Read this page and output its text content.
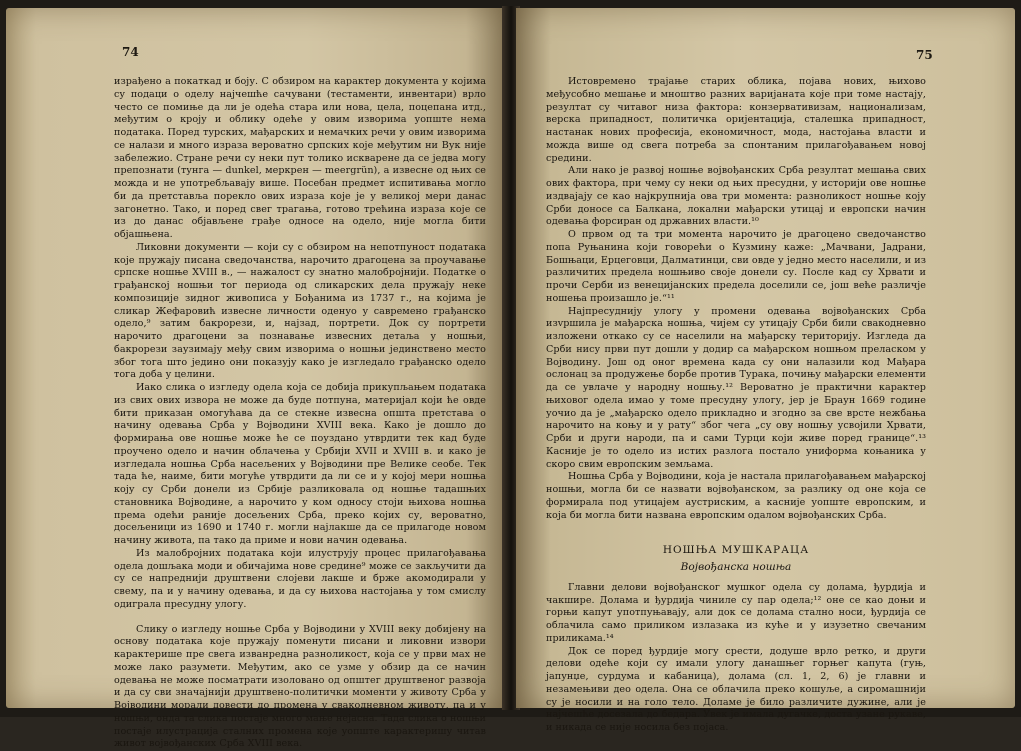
74

израђено а покаткад и боју. С обзиром на карактер документа у којима су подаци о оделу најчешће сачувани (тестаменти, инвентари) врло често се помиње да ли је одећа стара или нова, цела, поцепана итд., међутим о крoју и облику одеће у овим изворима уопште нема података. Поред турских, мађарских и немачких речи у овим изворима се налази и много израза вероватно српских које међутим ни Вук није забележио. Стране речи су неки пут толико искварене да се једва могу препознати (тунга — dunkel, меркрен — meergrün), а извесне од њих се можда и не употребљавају више. Посебан предмет испитивања могло би да претставља порекло ових израза које је у великој мери данас загонетно. Тако, и поред свег трагања, готово трећина израза које се из до данас објављене грађе односе на одело, није могла бити објашњена.

Ликовни документи — који су с обзиром на непотпуност података које пружају писана сведочанства, нарочито драгоцена за проучавање српске ношње XVIII в., — нажалост су знатно малобројнији. Податке о грађанској ношњи тог периода од сликарских дела пружају неке композиције зидног живописа у Бођанима из 1737 г., на којима је сликар Жефаровић извесне личности оденуо у савремено грађанско одело,⁹ затим бакрорези, и, најзад, портрети. Док су портрети нарочито драгоцени за познавање извесних детаља у ношњи, бакрорези заузимају међу свим изворима о ношњи јединствено место због тога што једино они показују како је изгледало грађанско одело тога доба у целини.

Иако слика о изгледу одела која се добија прикупљањем података из свих ових извора не може да буде потпуна, материјал који ће овде бити приказан омогућава да се стекне извесна општа претстава о начину одевања Срба у Војводини XVIII века. Како је дошло до формирања ове ношње може ће се поуздано утврдити тек кад буде проучено одело и начин облачења у Србији XVII и XVIII в. и како је изгледала ношња Срба насељених у Војводини пре Велике сеобе. Тек тада ће, наиме, бити могуће утврдити да ли се и у којој мери ношња коју су Срби донели из Србије разликовала од ношње тадашњих становника Војводине, а нарочито у ком односу стоји њихова ношња према одећи раније досељених Срба, преко којих су, вероватно, досељеници из 1690 и 1740 г. могли најлакше да се прилагоде новом начину живота, па тако да приме и нови начин одевања.

Из малобројних података који илуструју процес прилагођавања одела дошљака моди и обичајима нове средине⁹ може се закључити да су се напреднији друштвени слојеви лакше и брже акомодирали у свему, па и у начину одевања, и да су њихова настојања у том смислу одиграла пресудну улогу.

Слику о изгледу ношње Срба у Војводини у XVIII веку добијену на основу података које пружају поменути писани и ликовни извори карактерише пре свега изванредна разноликост, која се у први мах не може лако разумети. Међутим, ако се узме у обзир да се начин одевања не може посматрати изоловано од општег друштвеног развоја и да су сви значајнији друштвено-политички моменти у животу Срба у Војводини морали довести до промена у свакодневном животу, па и у ношњи, онда та слика постаје много мање нејасна. Тада слика о ношњи постаје илустрација сталних промена које уопште карактеришу читав живот војвођанских Срба XVIII века.

75

Истовремено трајање старих облика, појава нових, њихово међусобно мешање и мноштво разних варијаната које при томе настају, резултат су читавог низа фактора: конзервативизам, национализам, верска припадност, политичка оријентација, сталешка припадност, настанак нових професија, економичност, мода, настојања власти и можда више од свега потреба за спонтаним прилагођавањем новој средини.

Али нако је развој ношње војвођанских Срба резултат мешања свих ових фактора, при чему су неки од њих пресудни, у историји ове ношње издвајају се као најкрупнија ова три момента: разноликост ношње коју Срби доносе са Балкана, локални мађарски утицај и европски начин одевања форсиран од државних власти.¹⁰

О првом од та три момента нарочито је драгоцено сведочанство попа Руњанина који говорећи о Кузмину каже: „Мачвани, Јадрани, Бошњаци, Ерцеговци, Далматинци, сви овде у једно место населили, и из различитих предела ношњиво своје донели су. После кад су Хрвати и прочи Серби из венецијанских предела доселили се, још веће различје ношења произашло је.“¹¹

Најпресуднију улогу у промени одевања војвођанских Срба изvршила је мађарска ношња, чијем су утицају Срби били свакодневно изложени откако су се населили на мађарску територију. Изгледа да Срби нису први пут дошли у додир са мађарском ношњом преласком у Војводину. Још од оног времена када су они налазили код Мађара ослонац за продужење борбе против Турака, почињу мађарски елементи да се увлаче у народну ношњу.¹² Вероватно је практични карактер њиховог одела имао у томе пресудну улогу, јер је Браун 1669 године уочио да је „мађарско одело прикладно и згодно за све врсте нежбања нарочито на коњу и у рату“ због чега „су ову ношњу усвојили Хрвати, Срби и други народи, па и сами Турци који живе поред границе“.¹³ Касније је то одело из истих разлога постало униформа коњаника у скоро свим европским земљама.

Ношња Срба у Војводини, која је настала прилагођавањем мађарској ношњи, могла би се назвати војвођанском, за разлику од оне која се формирала под утицајем аустриским, а касније уопште европским, и која би могла бити названа европским одалом војвођанских Срба.

НОШЊА МУШКАРАЦА
Војвођанска ношња

Главни делови војвођанског мушког одела су долама, ђурдија и чакшире. Долама и ђурдија чиниле су пар одела;¹² оне се као доњи и горњи капут употпуњавају, али док се долама стално носи, ђурдија се облачила само приликом излазака из куће и у изузетно свечаним приликама.¹⁴

Док се поред ђурдије могу срести, додуше врло ретко, и други делови одеће који су имали улогу данашњег горњег капута (гуњ, јапунџе, сурдума и кабаница), долама (сл. 1, 2, 6) је главни и незамењиви део одела. Она се облачила преко кошуље, а сиромашнији су је носили и на голо тело. Доламе је било различите дужине, али је најчешће досезала до бедара. Увек је имала дугачке, доста узане рукаве, и никада се није носила без појаса.
